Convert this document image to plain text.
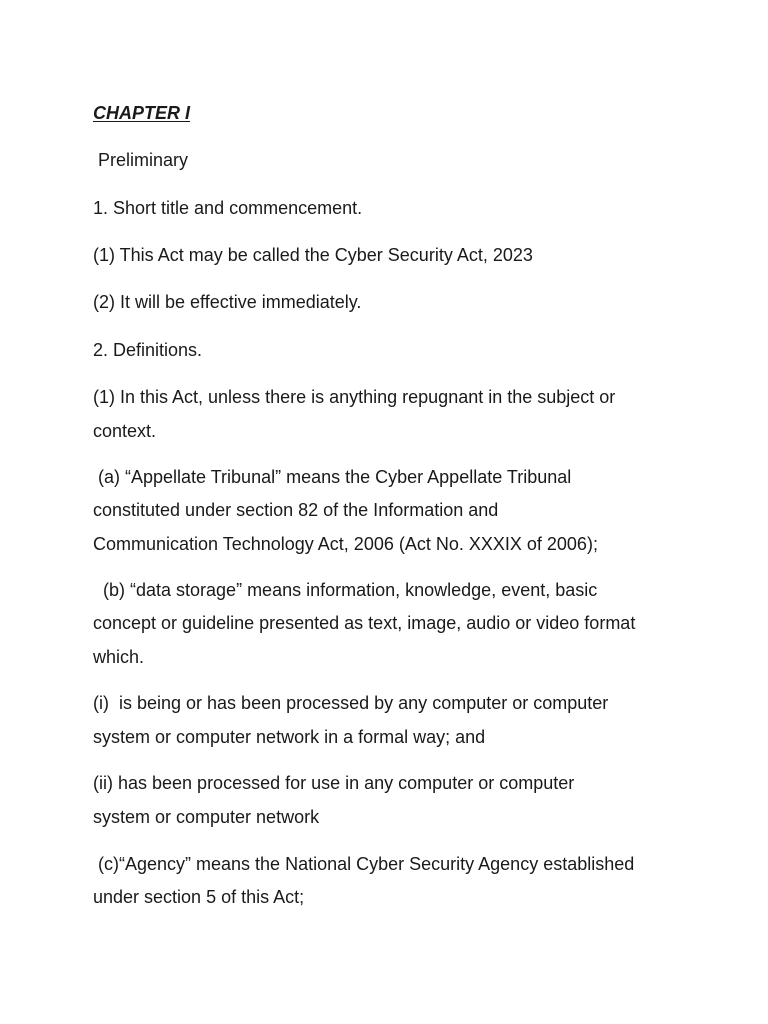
CHAPTER I

Preliminary

1. Short title and commencement.

(1) This Act may be called the Cyber Security Act, 2023

(2) It will be effective immediately.

2. Definitions.

(1) In this Act, unless there is anything repugnant in the subject or

context.

(a) “Appellate Tribunal” means the Cyber Appellate Tribunal

constituted under section 82 of the Information and

Communication Technology Act, 2006 (Act No. XXXIX of 2006);

(b) “data storage” means information, knowledge, event, basic

concept or guideline presented as text, image, audio or video format

which.

(i)  is being or has been processed by any computer or computer

system or computer network in a formal way; and

(ii) has been processed for use in any computer or computer

system or computer network

(c)“Agency” means the National Cyber Security Agency established

under section 5 of this Act;
